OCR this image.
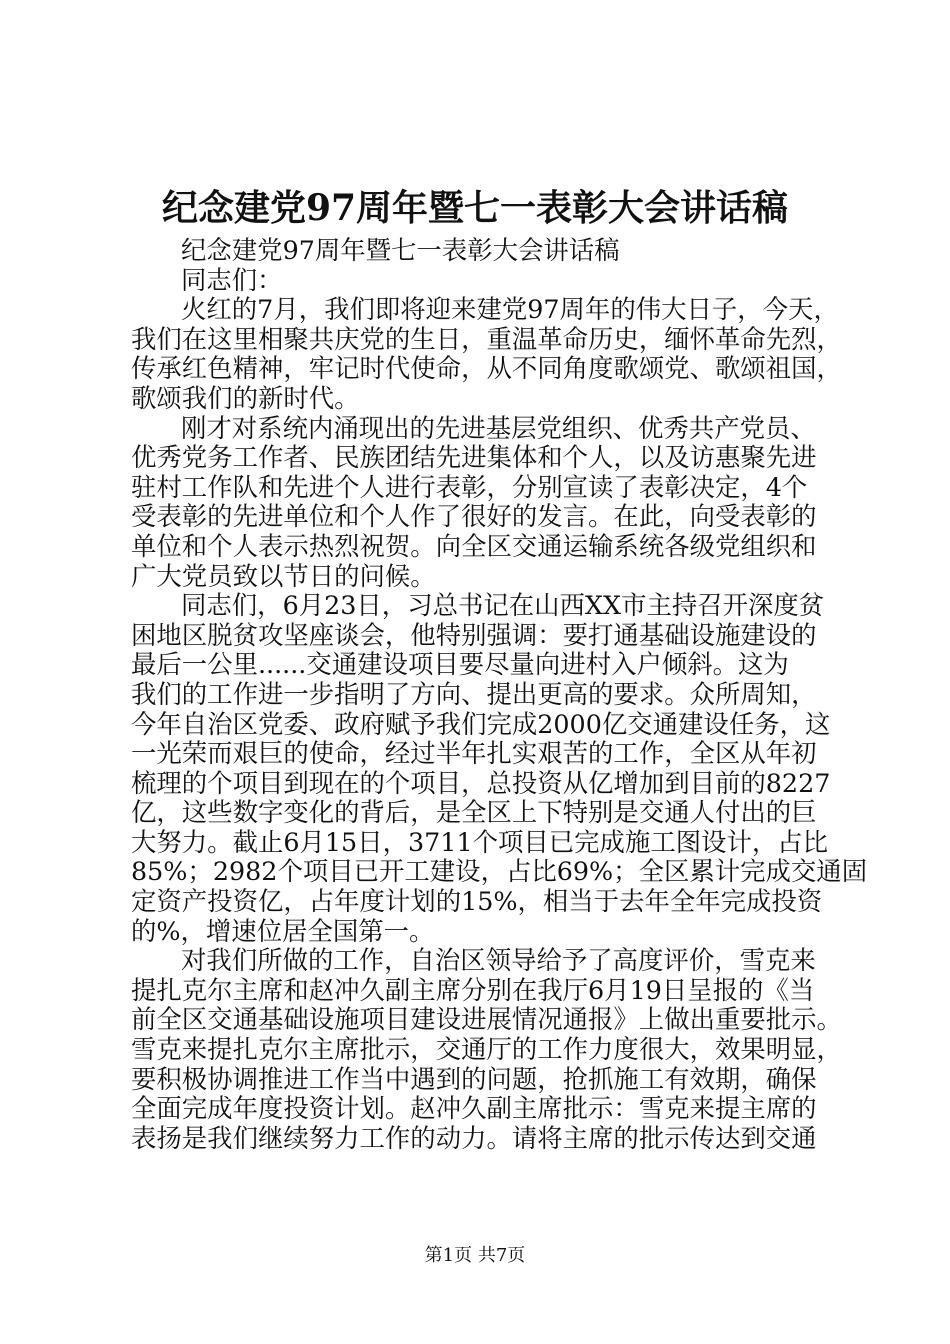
纪念建党97周年暨七一表彰大会讲话稿
纪念建党97周年暨七一表彰大会讲话稿
同志们：
火红的7月，我们即将迎来建党97周年的伟大日子，今天，
我们在这里相聚共庆党的生日，重温革命历史，缅怀革命先烈，
传承红色精神，牢记时代使命，从不同角度歌颂党、歌颂祖国，
歌颂我们的新时代。
刚才对系统内涌现出的先进基层党组织、优秀共产党员、
优秀党务工作者、民族团结先进集体和个人，以及访惠聚先进
驻村工作队和先进个人进行表彰，分别宣读了表彰决定，4个
受表彰的先进单位和个人作了很好的发言。在此，向受表彰的
单位和个人表示热烈祝贺。向全区交通运输系统各级党组织和
广大党员致以节日的问候。
同志们，6月23日，习总书记在山西XX市主持召开深度贫
困地区脱贫攻坚座谈会，他特别强调：要打通基础设施建设的
最后一公里......交通建设项目要尽量向进村入户倾斜。这为
我们的工作进一步指明了方向、提出更高的要求。众所周知，
今年自治区党委、政府赋予我们完成2000亿交通建设任务，这
一光荣而艰巨的使命，经过半年扎实艰苦的工作，全区从年初
梳理的个项目到现在的个项目，总投资从亿增加到目前的8227
亿，这些数字变化的背后，是全区上下特别是交通人付出的巨
大努力。截止6月15日，3711个项目已完成施工图设计，占比
85%；2982个项目已开工建设，占比69%；全区累计完成交通固
定资产投资亿，占年度计划的15%，相当于去年全年完成投资
的%，增速位居全国第一。
对我们所做的工作，自治区领导给予了高度评价，雪克来
提扎克尔主席和赵冲久副主席分别在我厅6月19日呈报的《当
前全区交通基础设施项目建设进展情况通报》上做出重要批示。
雪克来提扎克尔主席批示，交通厅的工作力度很大，效果明显，
要积极协调推进工作当中遇到的问题，抢抓施工有效期，确保
全面完成年度投资计划。赵冲久副主席批示：雪克来提主席的
表扬是我们继续努力工作的动力。请将主席的批示传达到交通
第1页 共7页
